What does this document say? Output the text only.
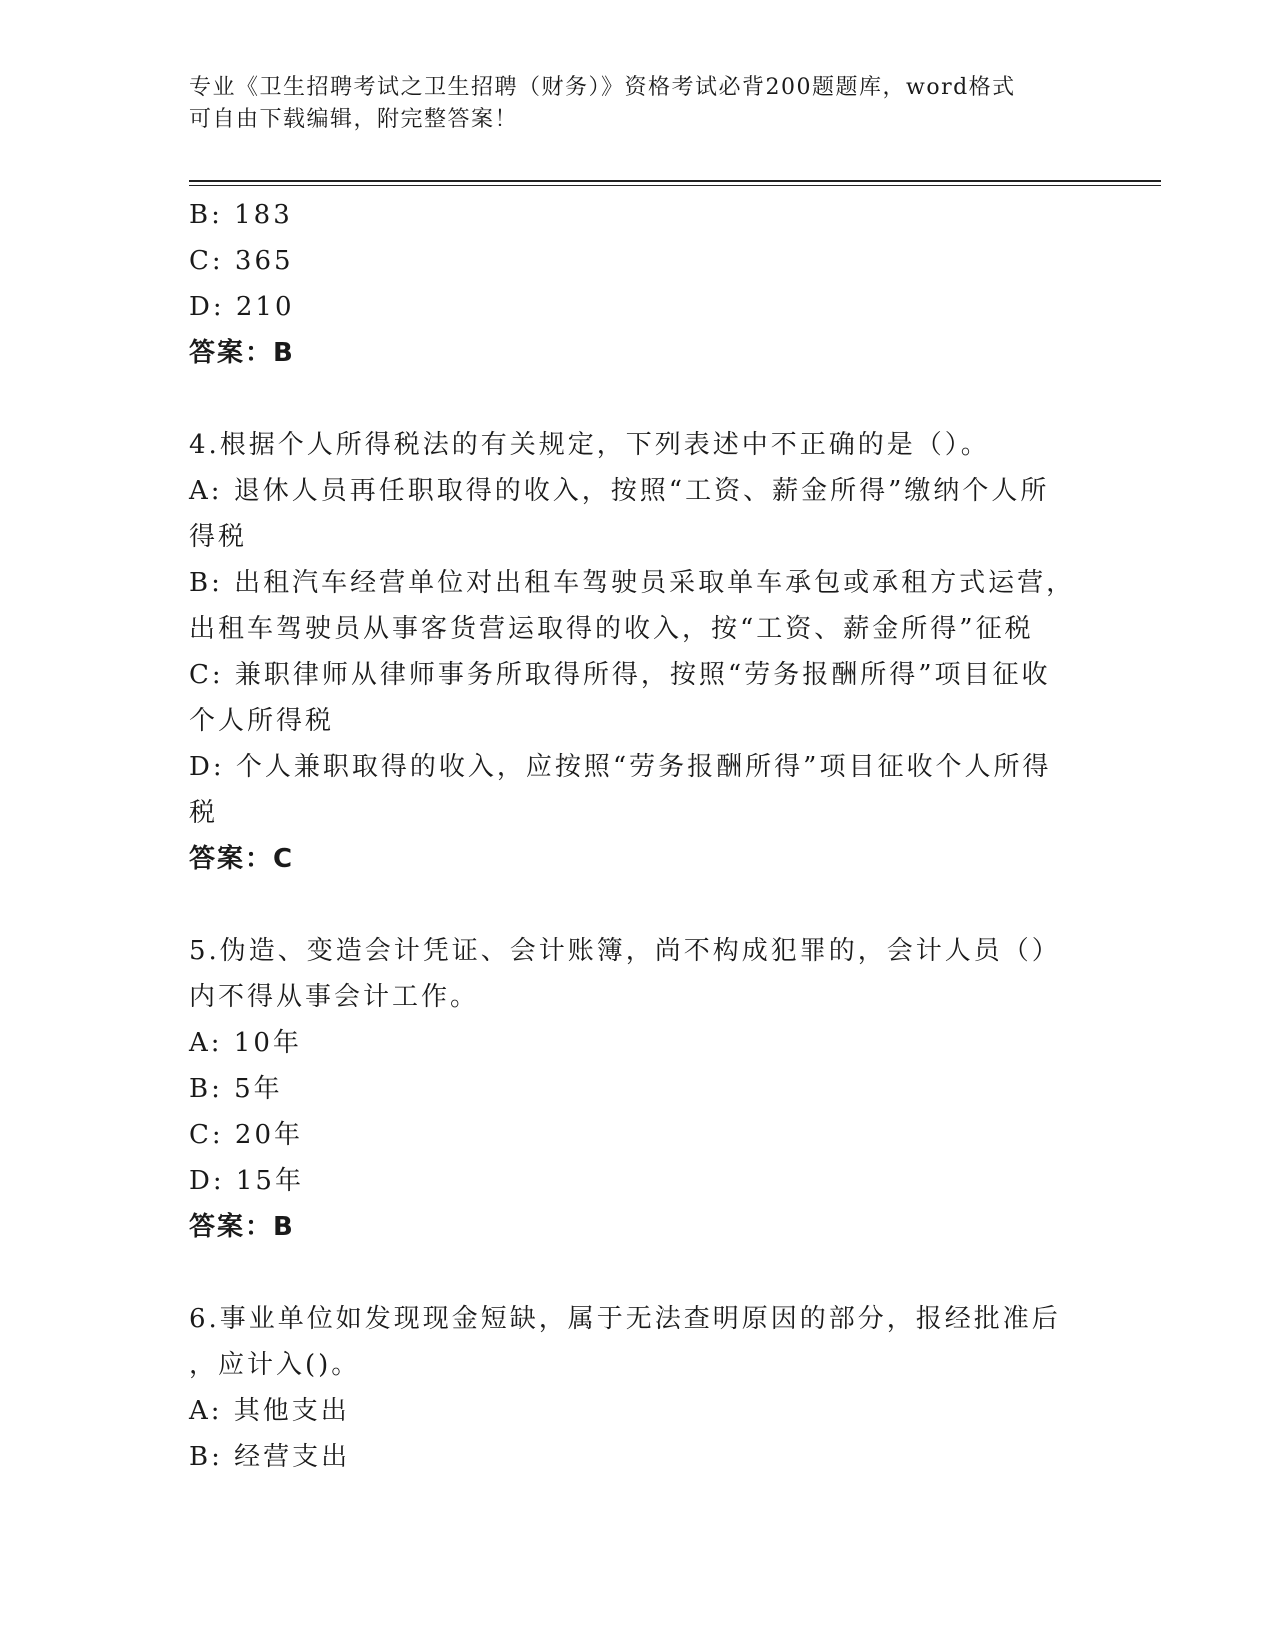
专业《卫生招聘考试之卫生招聘（财务）》资格考试必背200题题库，word格式
可自由下载编辑，附完整答案！
B: 183
C: 365
D: 210
答案：B
4.根据个人所得税法的有关规定，下列表述中不正确的是（）。
A: 退休人员再任职取得的收入，按照“工资、薪金所得”缴纳个人所
得税
B: 出租汽车经营单位对出租车驾驶员采取单车承包或承租方式运营，
出租车驾驶员从事客货营运取得的收入，按“工资、薪金所得”征税
C: 兼职律师从律师事务所取得所得，按照“劳务报酬所得”项目征收
个人所得税
D: 个人兼职取得的收入，应按照“劳务报酬所得”项目征收个人所得
税
答案：C
5.伪造、变造会计凭证、会计账簿，尚不构成犯罪的，会计人员（）
内不得从事会计工作。
A: 10年
B: 5年
C: 20年
D: 15年
答案：B
6.事业单位如发现现金短缺，属于无法查明原因的部分，报经批准后
，应计入()。
A: 其他支出
B: 经营支出
